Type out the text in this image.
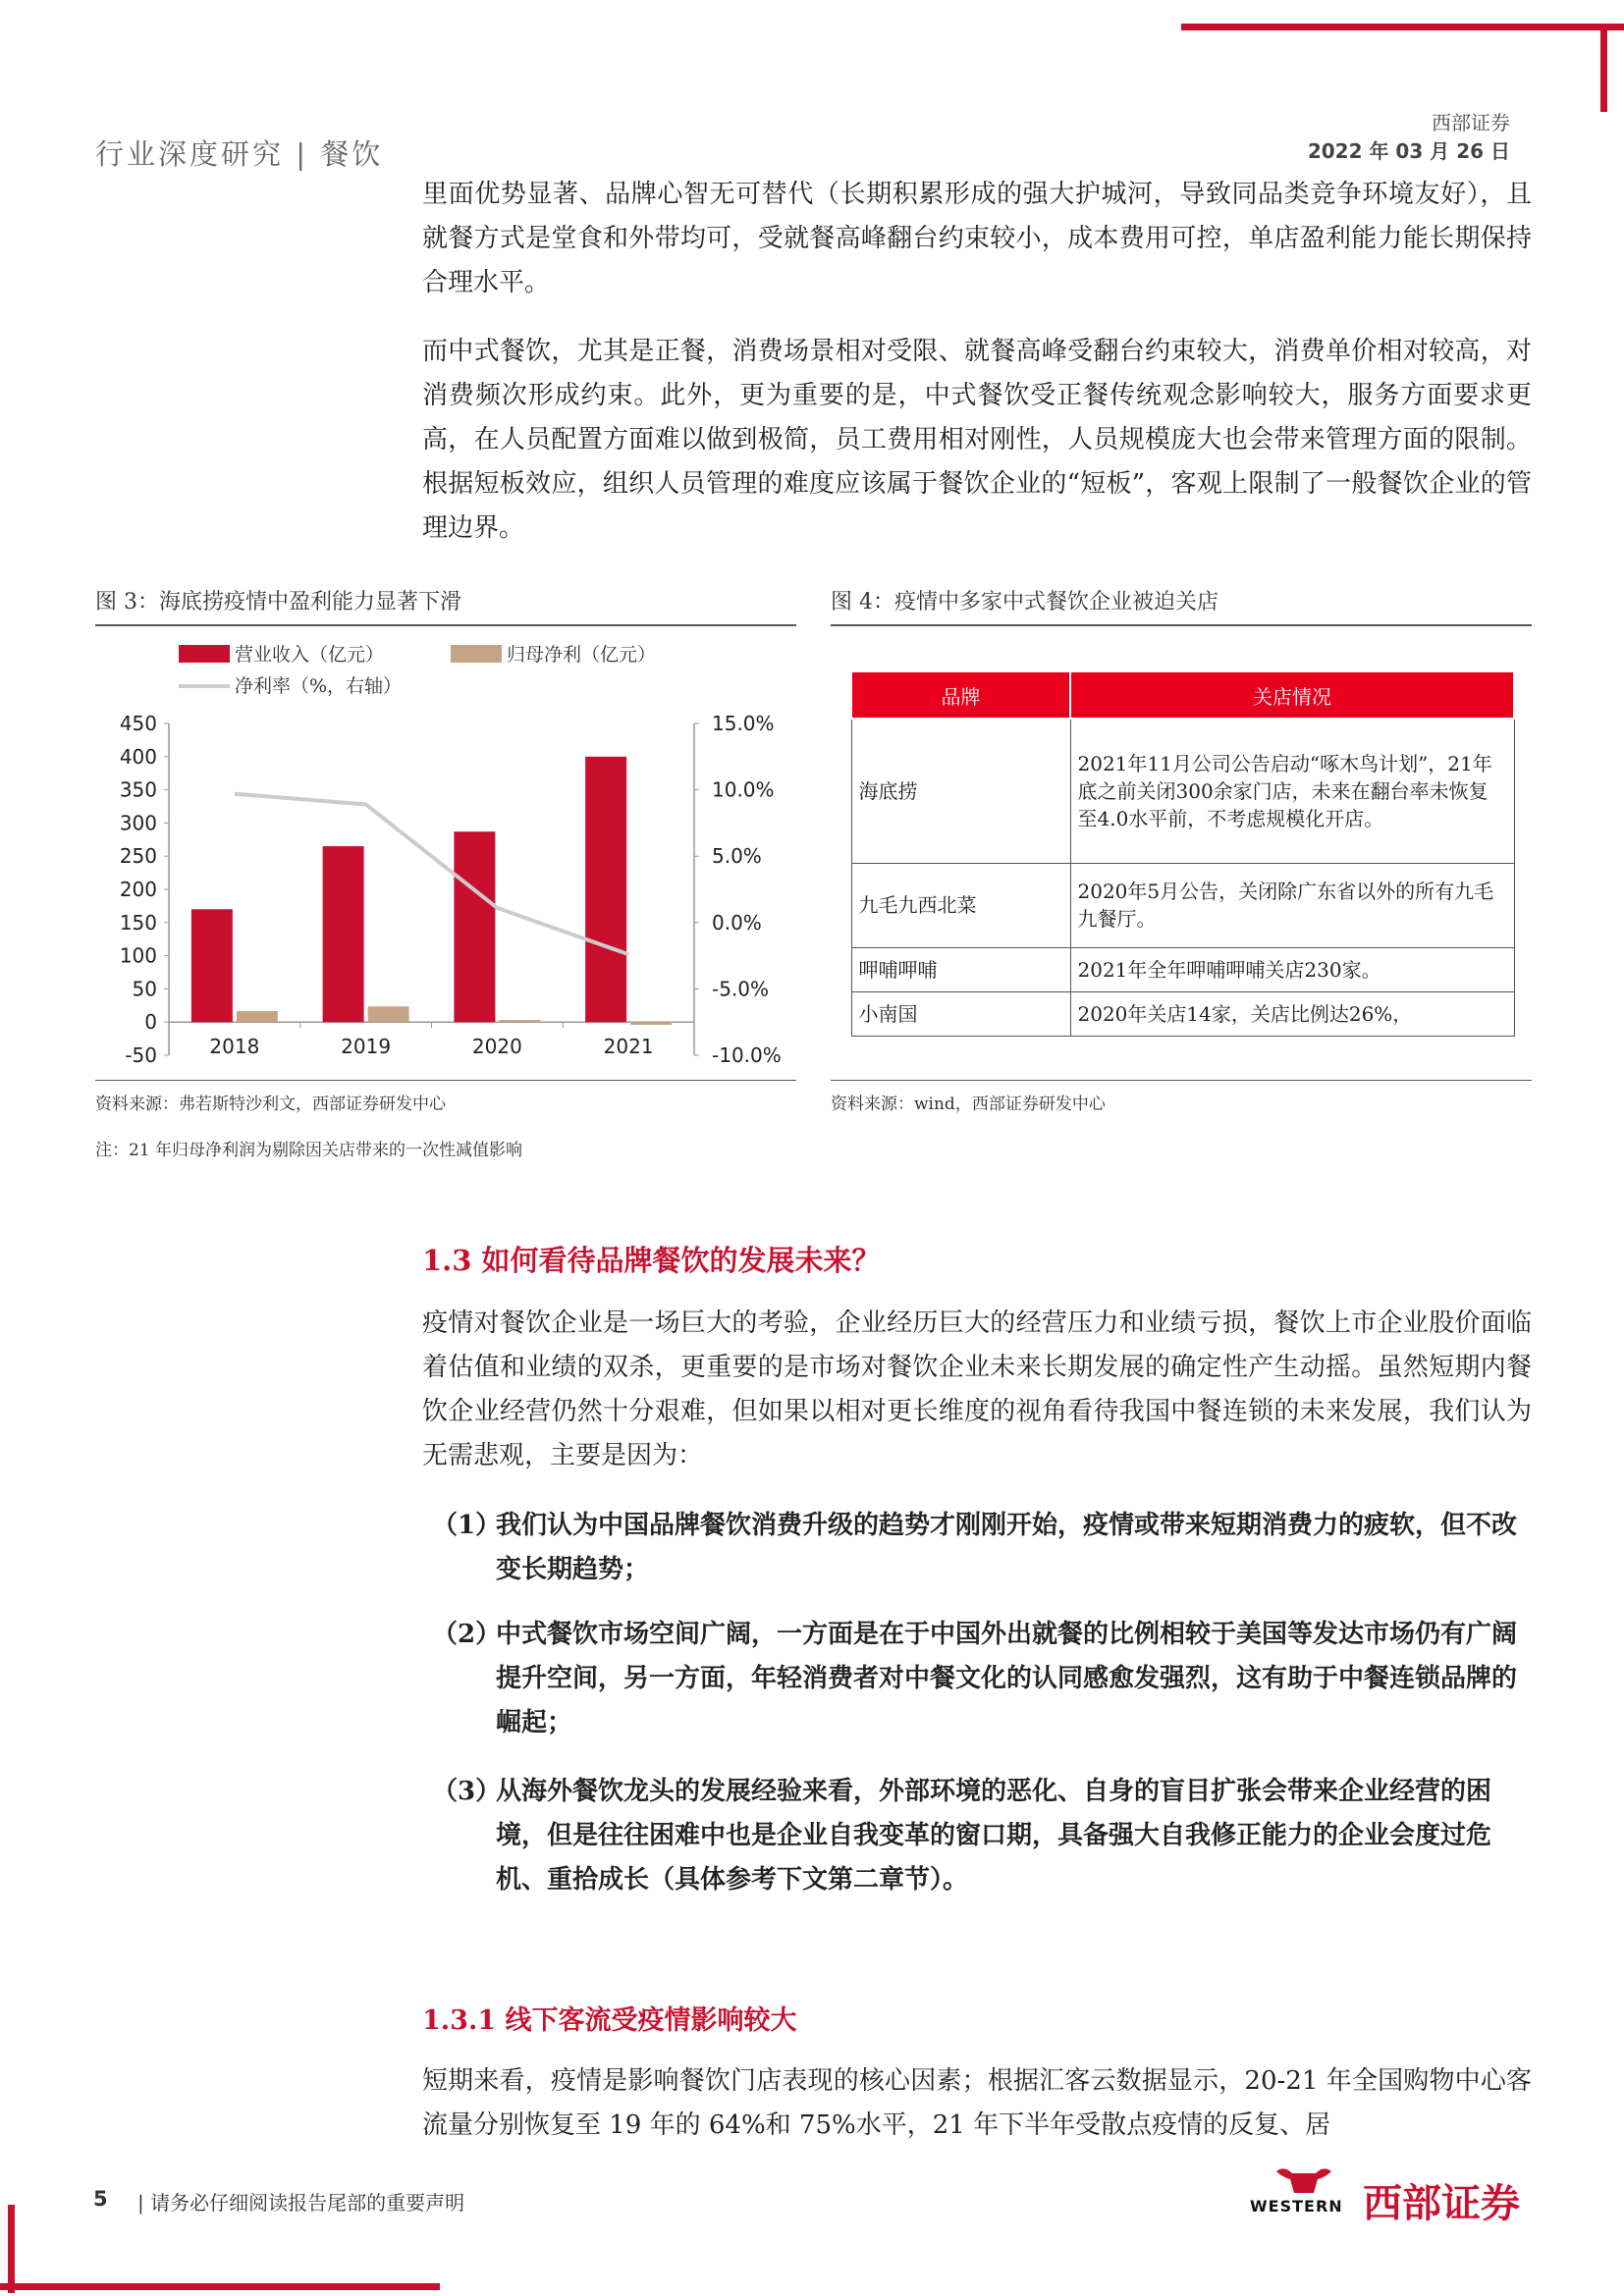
行业深度研究 | 餐饮
西部证券
2022 年 03 月 26 日
里面优势显著、品牌心智无可替代（长期积累形成的强大护城河，导致同品类竞争环境友好），且就餐方式是堂食和外带均可，受就餐高峰翻台约束较小，成本费用可控，单店盈利能力能长期保持合理水平。
而中式餐饮，尤其是正餐，消费场景相对受限、就餐高峰受翻台约束较大，消费单价相对较高，对消费频次形成约束。此外，更为重要的是，中式餐饮受正餐传统观念影响较大，服务方面要求更高，在人员配置方面难以做到极简，员工费用相对刚性，人员规模庞大也会带来管理方面的限制。根据短板效应，组织人员管理的难度应该属于餐饮企业的“短板”，客观上限制了一般餐饮企业的管理边界。
图 3：海底捞疫情中盈利能力显著下滑
营业收入（亿元）	归母净利（亿元）
净利率（%，右轴）
450
400
350
300
250
200
150
100
50
0
-50
15.0%
10.0%
5.0%
0.0%
-5.0%
-10.0%
2018	2019	2020	2021
资料来源：弗若斯特沙利文，西部证券研发中心
注：21 年归母净利润为剔除因关店带来的一次性减值影响
图 4：疫情中多家中式餐饮企业被迫关店
品牌	关店情况
海底捞	2021年11月公司公告启动“啄木鸟计划”，21年底之前关闭300余家门店，未来在翻台率未恢复至4.0水平前，不考虑规模化开店。
九毛九西北菜	2020年5月公告，关闭除广东省以外的所有九毛九餐厅。
呷哺呷哺	2021年全年呷哺呷哺关店230家。
小南国	2020年关店14家，关店比例达26%，
资料来源：wind，西部证券研发中心
1.3 如何看待品牌餐饮的发展未来？
疫情对餐饮企业是一场巨大的考验，企业经历巨大的经营压力和业绩亏损，餐饮上市企业股价面临着估值和业绩的双杀，更重要的是市场对餐饮企业未来长期发展的确定性产生动摇。虽然短期内餐饮企业经营仍然十分艰难，但如果以相对更长维度的视角看待我国中餐连锁的未来发展，我们认为无需悲观，主要是因为：
（1）
我们认为中国品牌餐饮消费升级的趋势才刚刚开始，疫情或带来短期消费力的疲软，但不改变长期趋势；
（2）
中式餐饮市场空间广阔，一方面是在于中国外出就餐的比例相较于美国等发达市场仍有广阔提升空间，另一方面，年轻消费者对中餐文化的认同感愈发强烈，这有助于中餐连锁品牌的崛起；
（3）
从海外餐饮龙头的发展经验来看，外部环境的恶化、自身的盲目扩张会带来企业经营的困境，但是往往困难中也是企业自我变革的窗口期，具备强大自我修正能力的企业会度过危机、重拾成长（具体参考下文第二章节）。
1.3.1 线下客流受疫情影响较大
短期来看，疫情是影响餐饮门店表现的核心因素；根据汇客云数据显示，20-21 年全国购物中心客流量分别恢复至 19 年的 64%和 75%水平，21 年下半年受散点疫情的反复、居
5 | 请务必仔细阅读报告尾部的重要声明	WESTERN 西部证券
